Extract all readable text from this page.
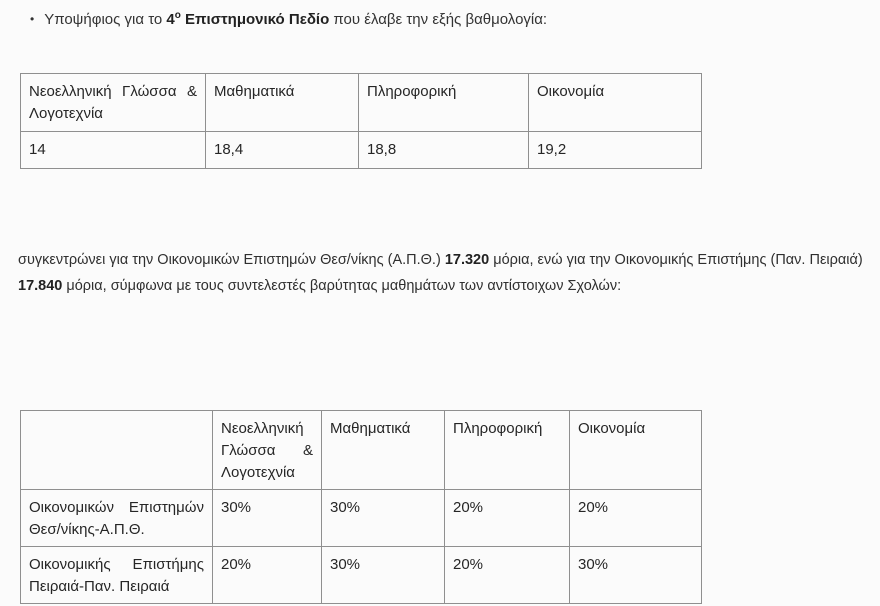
• Υποψήφιος για το $4^o$ Επιστημονικό Πεδίο που έλαβε την εξής βαθμολογία:
Νεοελληνική Γλώσσα & Λογοτεχνία	Μαθηματικά	Πληροφορική	Οικονομία
14	18,4	18,8	19,2

συγκεντρώνει για την Οικονομικών Επιστημών Θεσ/νίκης (Α.Π.Θ.) 17.320 μόρια, ενώ για την Οικονομικής Επιστήμης (Παν. Πειραιά) 17.840 μόρια, σύμφωνα με τους συντελεστές βαρύτητας μαθημάτων των αντίστοιχων Σχολών:

	Νεοελληνική Γλώσσα & Λογοτεχνία	Μαθηματικά	Πληροφορική	Οικονομία
Οικονομικών Επιστημών Θεσ/νίκης-Α.Π.Θ.	30%	30%	20%	20%
Οικονομικής Επιστήμης Πειραιά-Παν. Πειραιά	20%	30%	20%	30%
